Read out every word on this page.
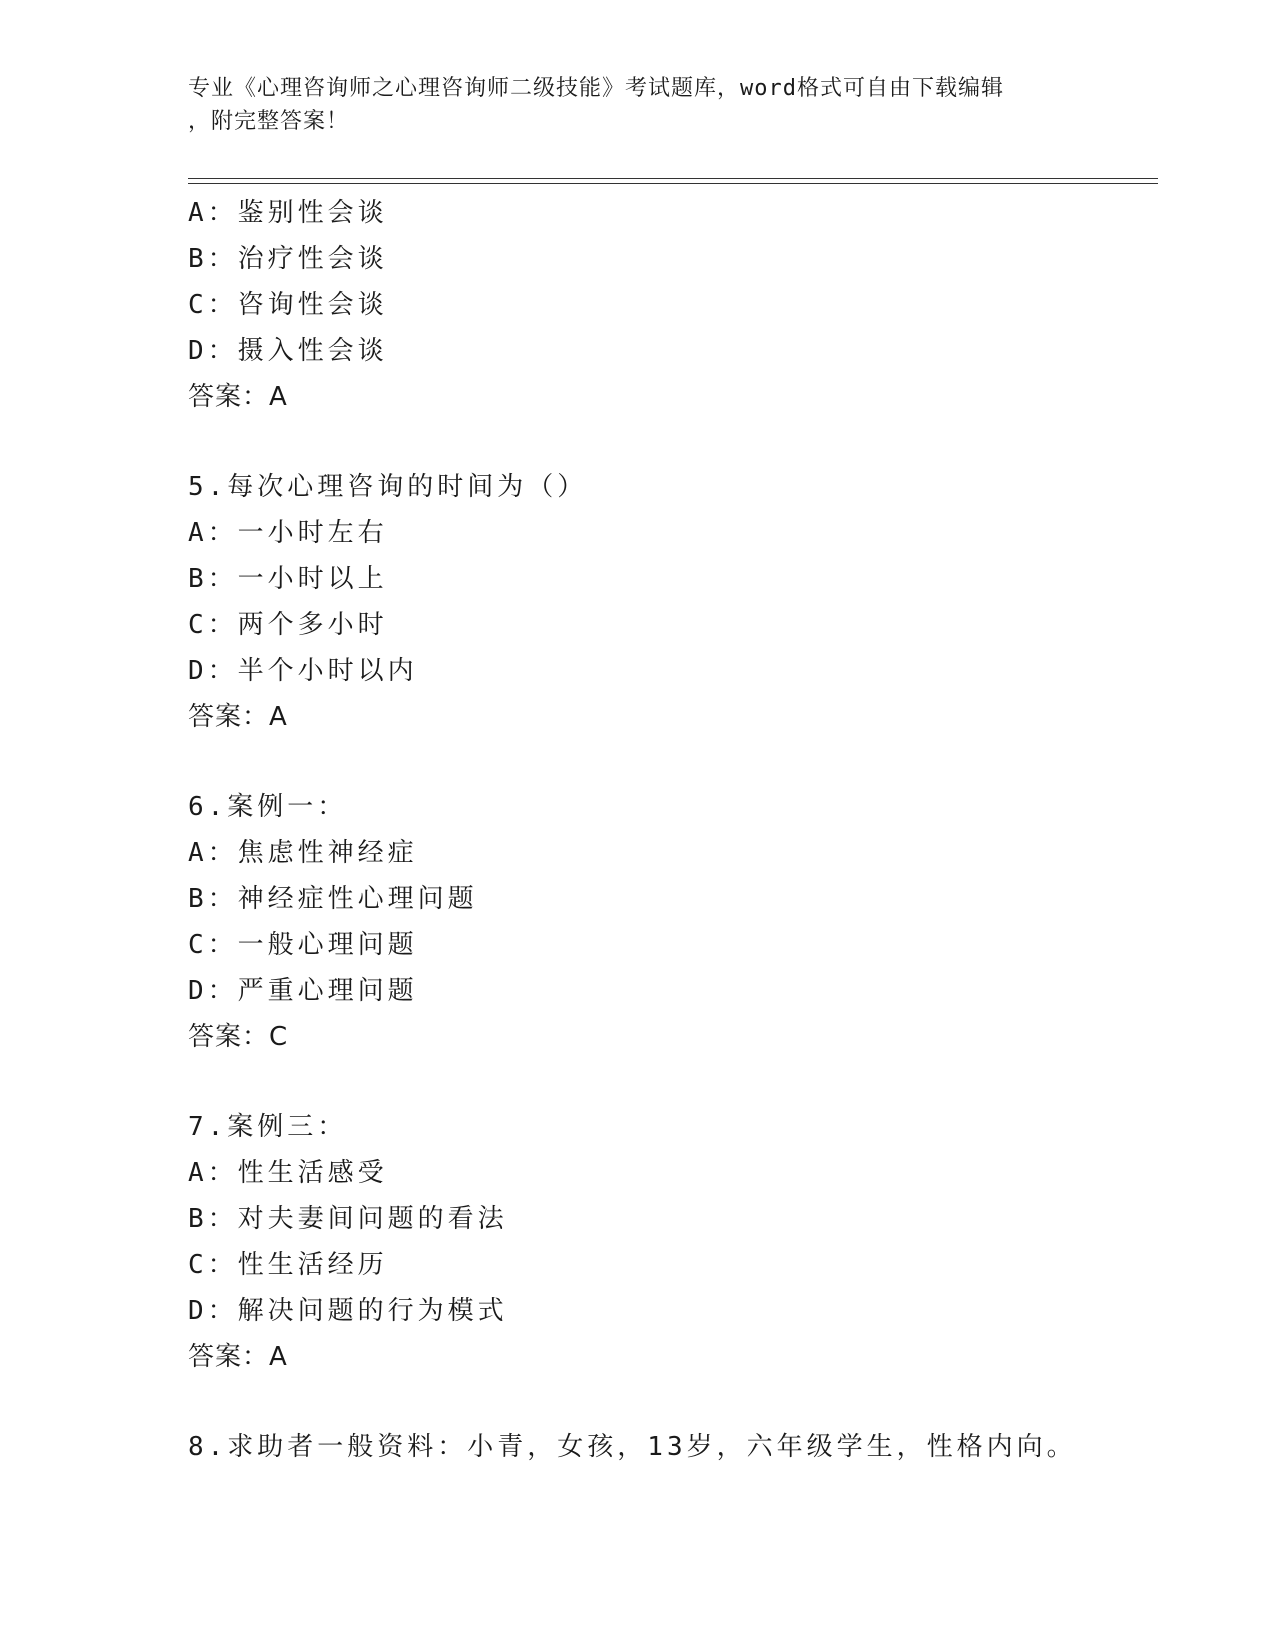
专业《心理咨询师之心理咨询师二级技能》考试题库，word格式可自由下载编辑
，附完整答案！
A：鉴别性会谈
B：治疗性会谈
C：咨询性会谈
D：摄入性会谈
答案：A
5.每次心理咨询的时间为（）
A：一小时左右
B：一小时以上
C：两个多小时
D：半个小时以内
答案：A
6.案例一：
A：焦虑性神经症
B：神经症性心理问题
C：一般心理问题
D：严重心理问题
答案：C
7.案例三：
A：性生活感受
B：对夫妻间问题的看法
C：性生活经历
D：解决问题的行为模式
答案：A
8.求助者一般资料：小青，女孩，13岁，六年级学生，性格内向。
